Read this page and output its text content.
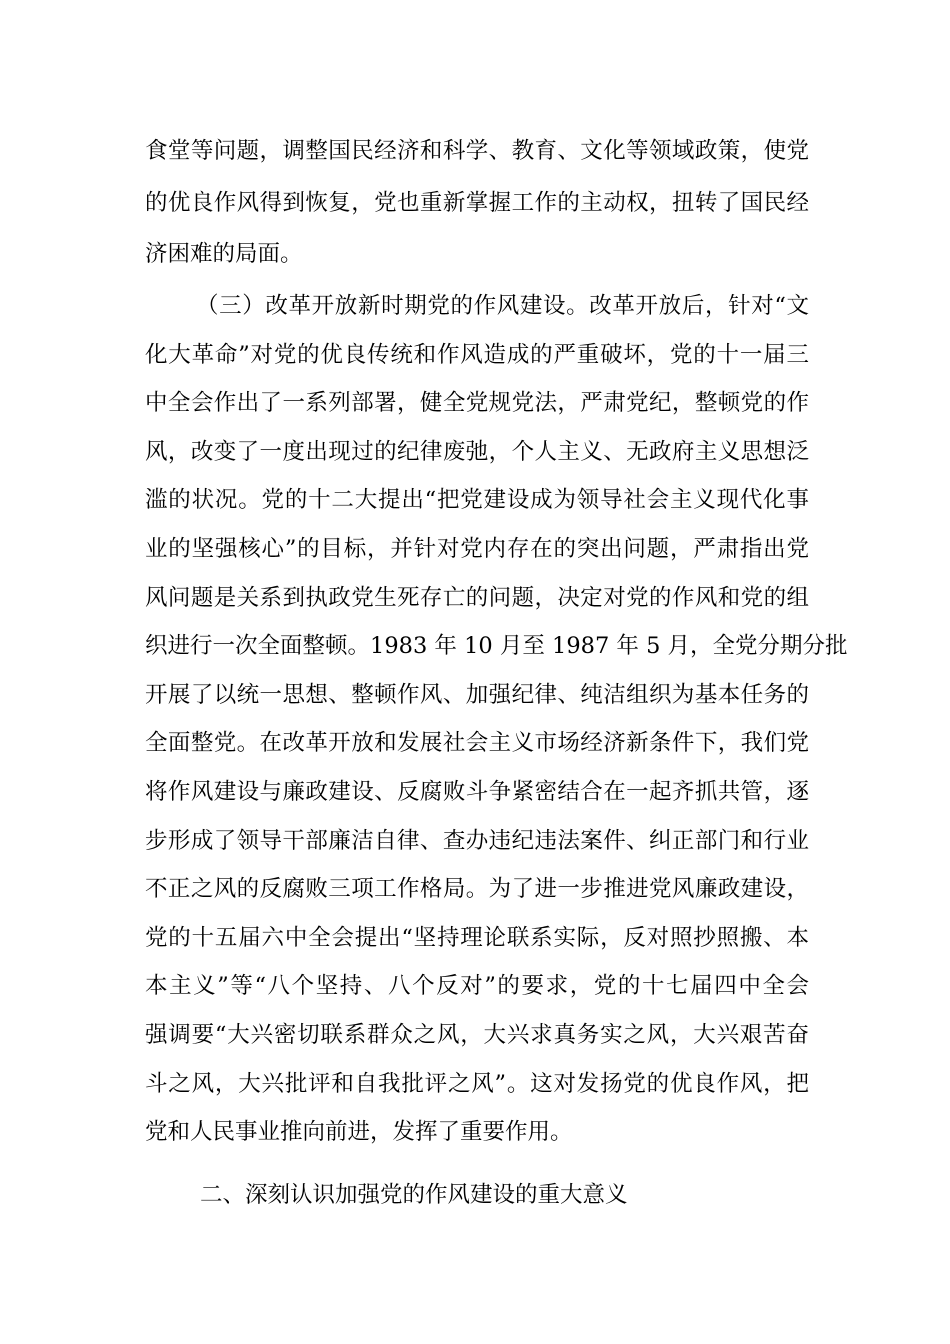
食堂等问题，调整国民经济和科学、教育、文化等领域政策，使党
的优良作风得到恢复，党也重新掌握工作的主动权，扭转了国民经
济困难的局面。
（三）改革开放新时期党的作风建设。改革开放后，针对“文
化大革命”对党的优良传统和作风造成的严重破坏，党的十一届三
中全会作出了一系列部署，健全党规党法，严肃党纪，整顿党的作
风，改变了一度出现过的纪律废弛，个人主义、无政府主义思想泛
滥的状况。党的十二大提出“把党建设成为领导社会主义现代化事
业的坚强核心”的目标，并针对党内存在的突出问题，严肃指出党
风问题是关系到执政党生死存亡的问题，决定对党的作风和党的组
织进行一次全面整顿。1983 年 10 月至 1987 年 5 月，全党分期分批
开展了以统一思想、整顿作风、加强纪律、纯洁组织为基本任务的
全面整党。在改革开放和发展社会主义市场经济新条件下，我们党
将作风建设与廉政建设、反腐败斗争紧密结合在一起齐抓共管，逐
步形成了领导干部廉洁自律、查办违纪违法案件、纠正部门和行业
不正之风的反腐败三项工作格局。为了进一步推进党风廉政建设，
党的十五届六中全会提出“坚持理论联系实际，反对照抄照搬、本
本主义”等“八个坚持、八个反对”的要求，党的十七届四中全会
强调要“大兴密切联系群众之风，大兴求真务实之风，大兴艰苦奋
斗之风，大兴批评和自我批评之风”。这对发扬党的优良作风，把
二、深刻认识加强党的作风建设的重大意义
党和人民事业推向前进，发挥了重要作用。
